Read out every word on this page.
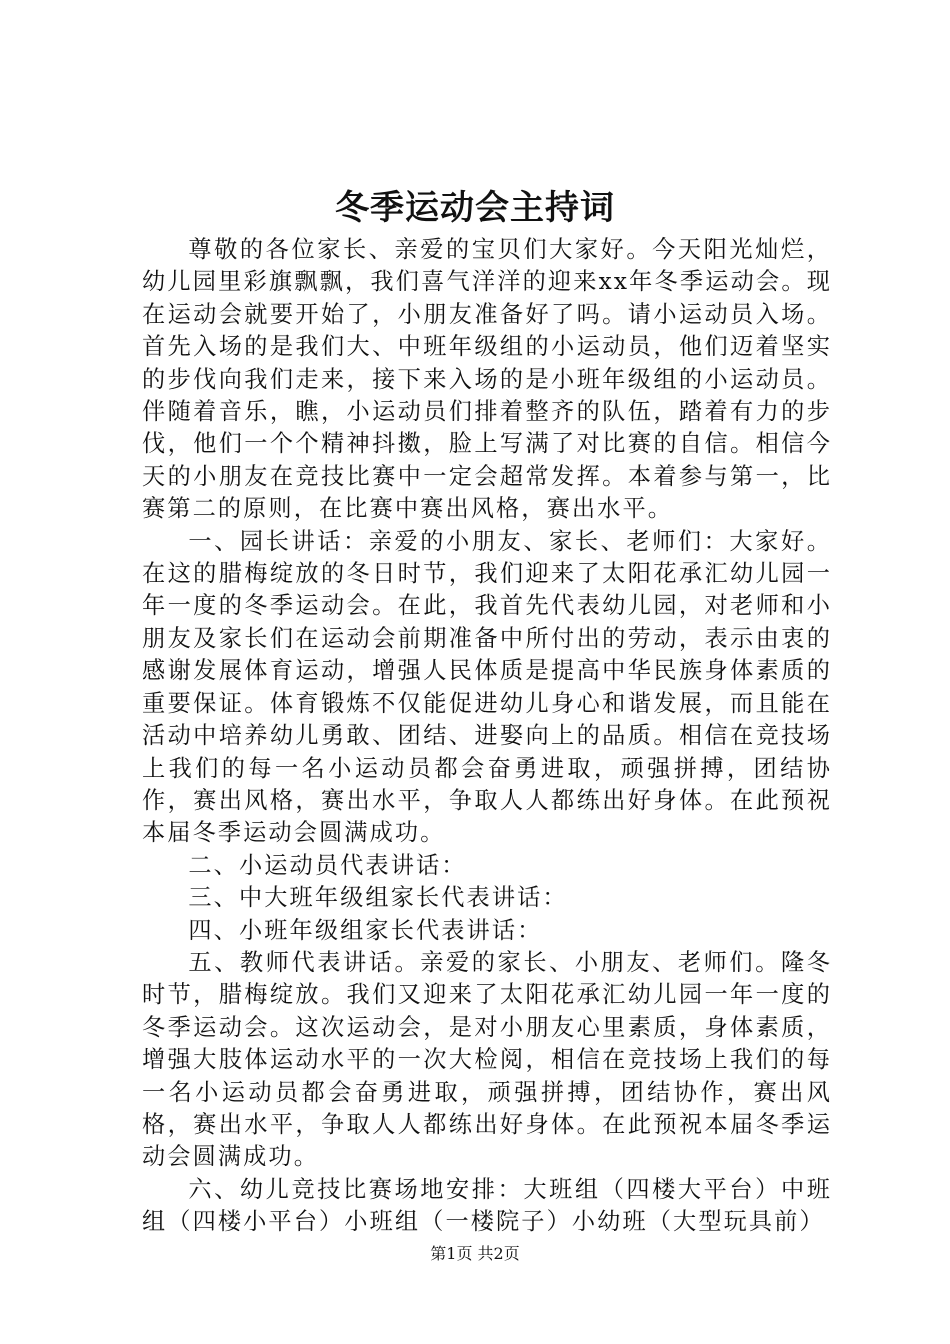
冬季运动会主持词

尊敬的各位家长、亲爱的宝贝们大家好。今天阳光灿烂，幼儿园里彩旗飘飘，我们喜气洋洋的迎来xx年冬季运动会。现在运动会就要开始了，小朋友准备好了吗。请小运动员入场。首先入场的是我们大、中班年级组的小运动员，他们迈着坚实的步伐向我们走来，接下来入场的是小班年级组的小运动员。伴随着音乐，瞧，小运动员们排着整齐的队伍，踏着有力的步伐，他们一个个精神抖擞，脸上写满了对比赛的自信。相信今天的小朋友在竞技比赛中一定会超常发挥。本着参与第一，比赛第二的原则，在比赛中赛出风格，赛出水平。

一、园长讲话：亲爱的小朋友、家长、老师们：大家好。在这的腊梅绽放的冬日时节，我们迎来了太阳花承汇幼儿园一年一度的冬季运动会。在此，我首先代表幼儿园，对老师和小朋友及家长们在运动会前期准备中所付出的劳动，表示由衷的感谢发展体育运动，增强人民体质是提高中华民族身体素质的重要保证。体育锻炼不仅能促进幼儿身心和谐发展，而且能在活动中培养幼儿勇敢、团结、进娶向上的品质。相信在竞技场上我们的每一名小运动员都会奋勇进取，顽强拼搏，团结协作，赛出风格，赛出水平，争取人人都练出好身体。在此预祝本届冬季运动会圆满成功。

二、小运动员代表讲话：

三、中大班年级组家长代表讲话：

四、小班年级组家长代表讲话：

五、教师代表讲话。亲爱的家长、小朋友、老师们。隆冬时节，腊梅绽放。我们又迎来了太阳花承汇幼儿园一年一度的冬季运动会。这次运动会，是对小朋友心里素质，身体素质，增强大肢体运动水平的一次大检阅，相信在竞技场上我们的每一名小运动员都会奋勇进取，顽强拼搏，团结协作，赛出风格，赛出水平，争取人人都练出好身体。在此预祝本届冬季运动会圆满成功。

六、幼儿竞技比赛场地安排：大班组（四楼大平台）中班组（四楼小平台）小班组（一楼院子）小幼班（大型玩具前）

第1页 共2页
